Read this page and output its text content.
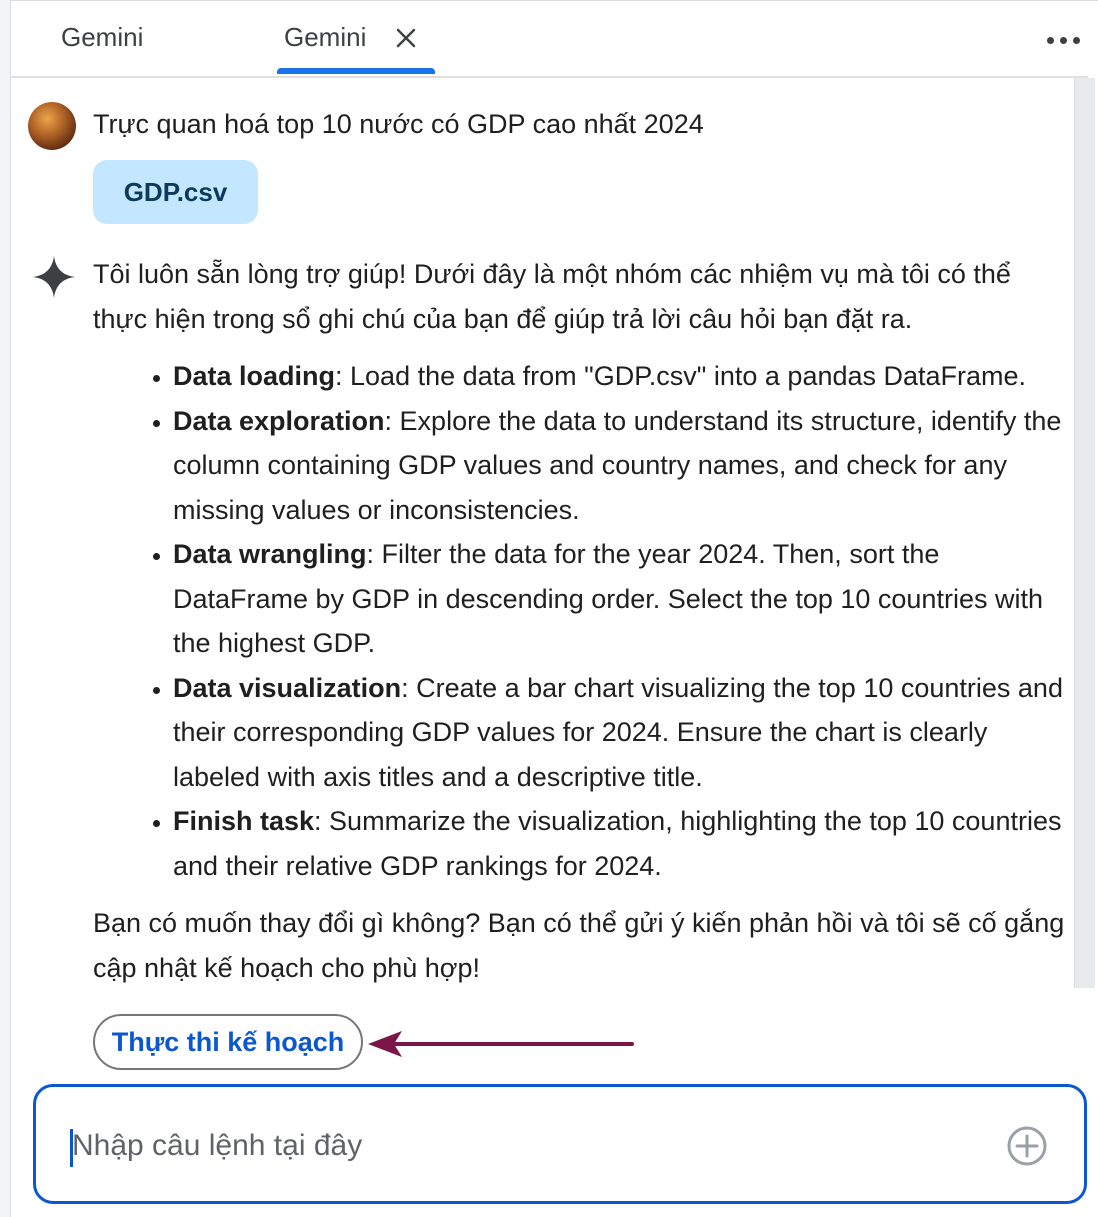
Gemini	Gemini
Trực quan hoá top 10 nước có GDP cao nhất 2024
GDP.csv

Tôi luôn sẵn lòng trợ giúp! Dưới đây là một nhóm các nhiệm vụ mà tôi có thể thực hiện trong sổ ghi chú của bạn để giúp trả lời câu hỏi bạn đặt ra.

• Data loading: Load the data from "GDP.csv" into a pandas DataFrame.
• Data exploration: Explore the data to understand its structure, identify the column containing GDP values and country names, and check for any missing values or inconsistencies.
• Data wrangling: Filter the data for the year 2024. Then, sort the DataFrame by GDP in descending order. Select the top 10 countries with the highest GDP.
• Data visualization: Create a bar chart visualizing the top 10 countries and their corresponding GDP values for 2024. Ensure the chart is clearly labeled with axis titles and a descriptive title.
• Finish task: Summarize the visualization, highlighting the top 10 countries and their relative GDP rankings for 2024.

Bạn có muốn thay đổi gì không? Bạn có thể gửi ý kiến phản hồi và tôi sẽ cố gắng cập nhật kế hoạch cho phù hợp!

Thực thi kế hoạch
Nhập câu lệnh tại đây
